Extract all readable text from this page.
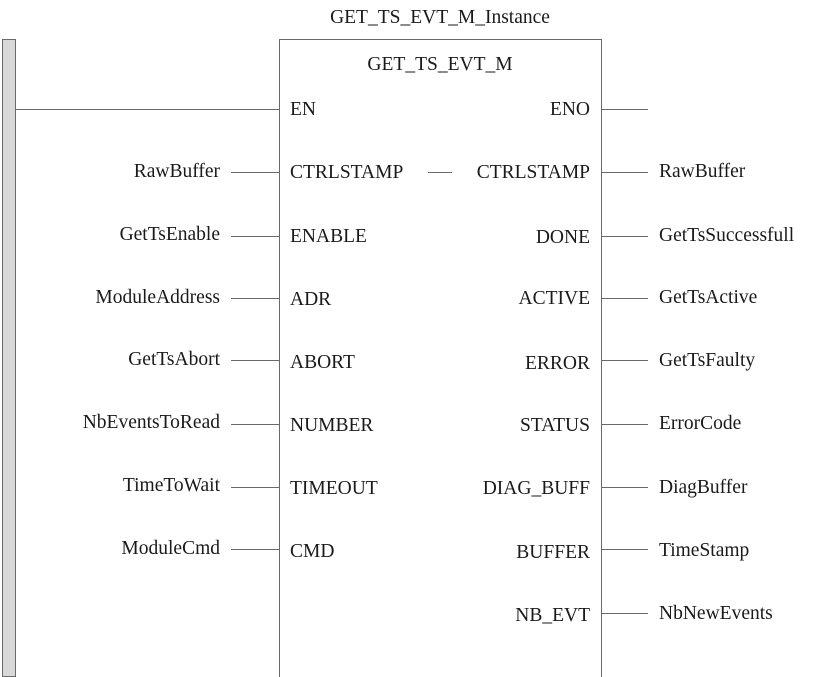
GET_TS_EVT_M_Instance
GET_TS_EVT_M
EN	ENO
RawBuffer	CTRLSTAMP	CTRLSTAMP	RawBuffer
GetTsEnable	ENABLE	DONE	GetTsSuccessfull
ModuleAddress	ADR	ACTIVE	GetTsActive
GetTsAbort	ABORT	ERROR	GetTsFaulty
NbEventsToRead	NUMBER	STATUS	ErrorCode
TimeToWait	TIMEOUT	DIAG_BUFF	DiagBuffer
ModuleCmd	CMD	BUFFER	TimeStamp
NB_EVT	NbNewEvents
